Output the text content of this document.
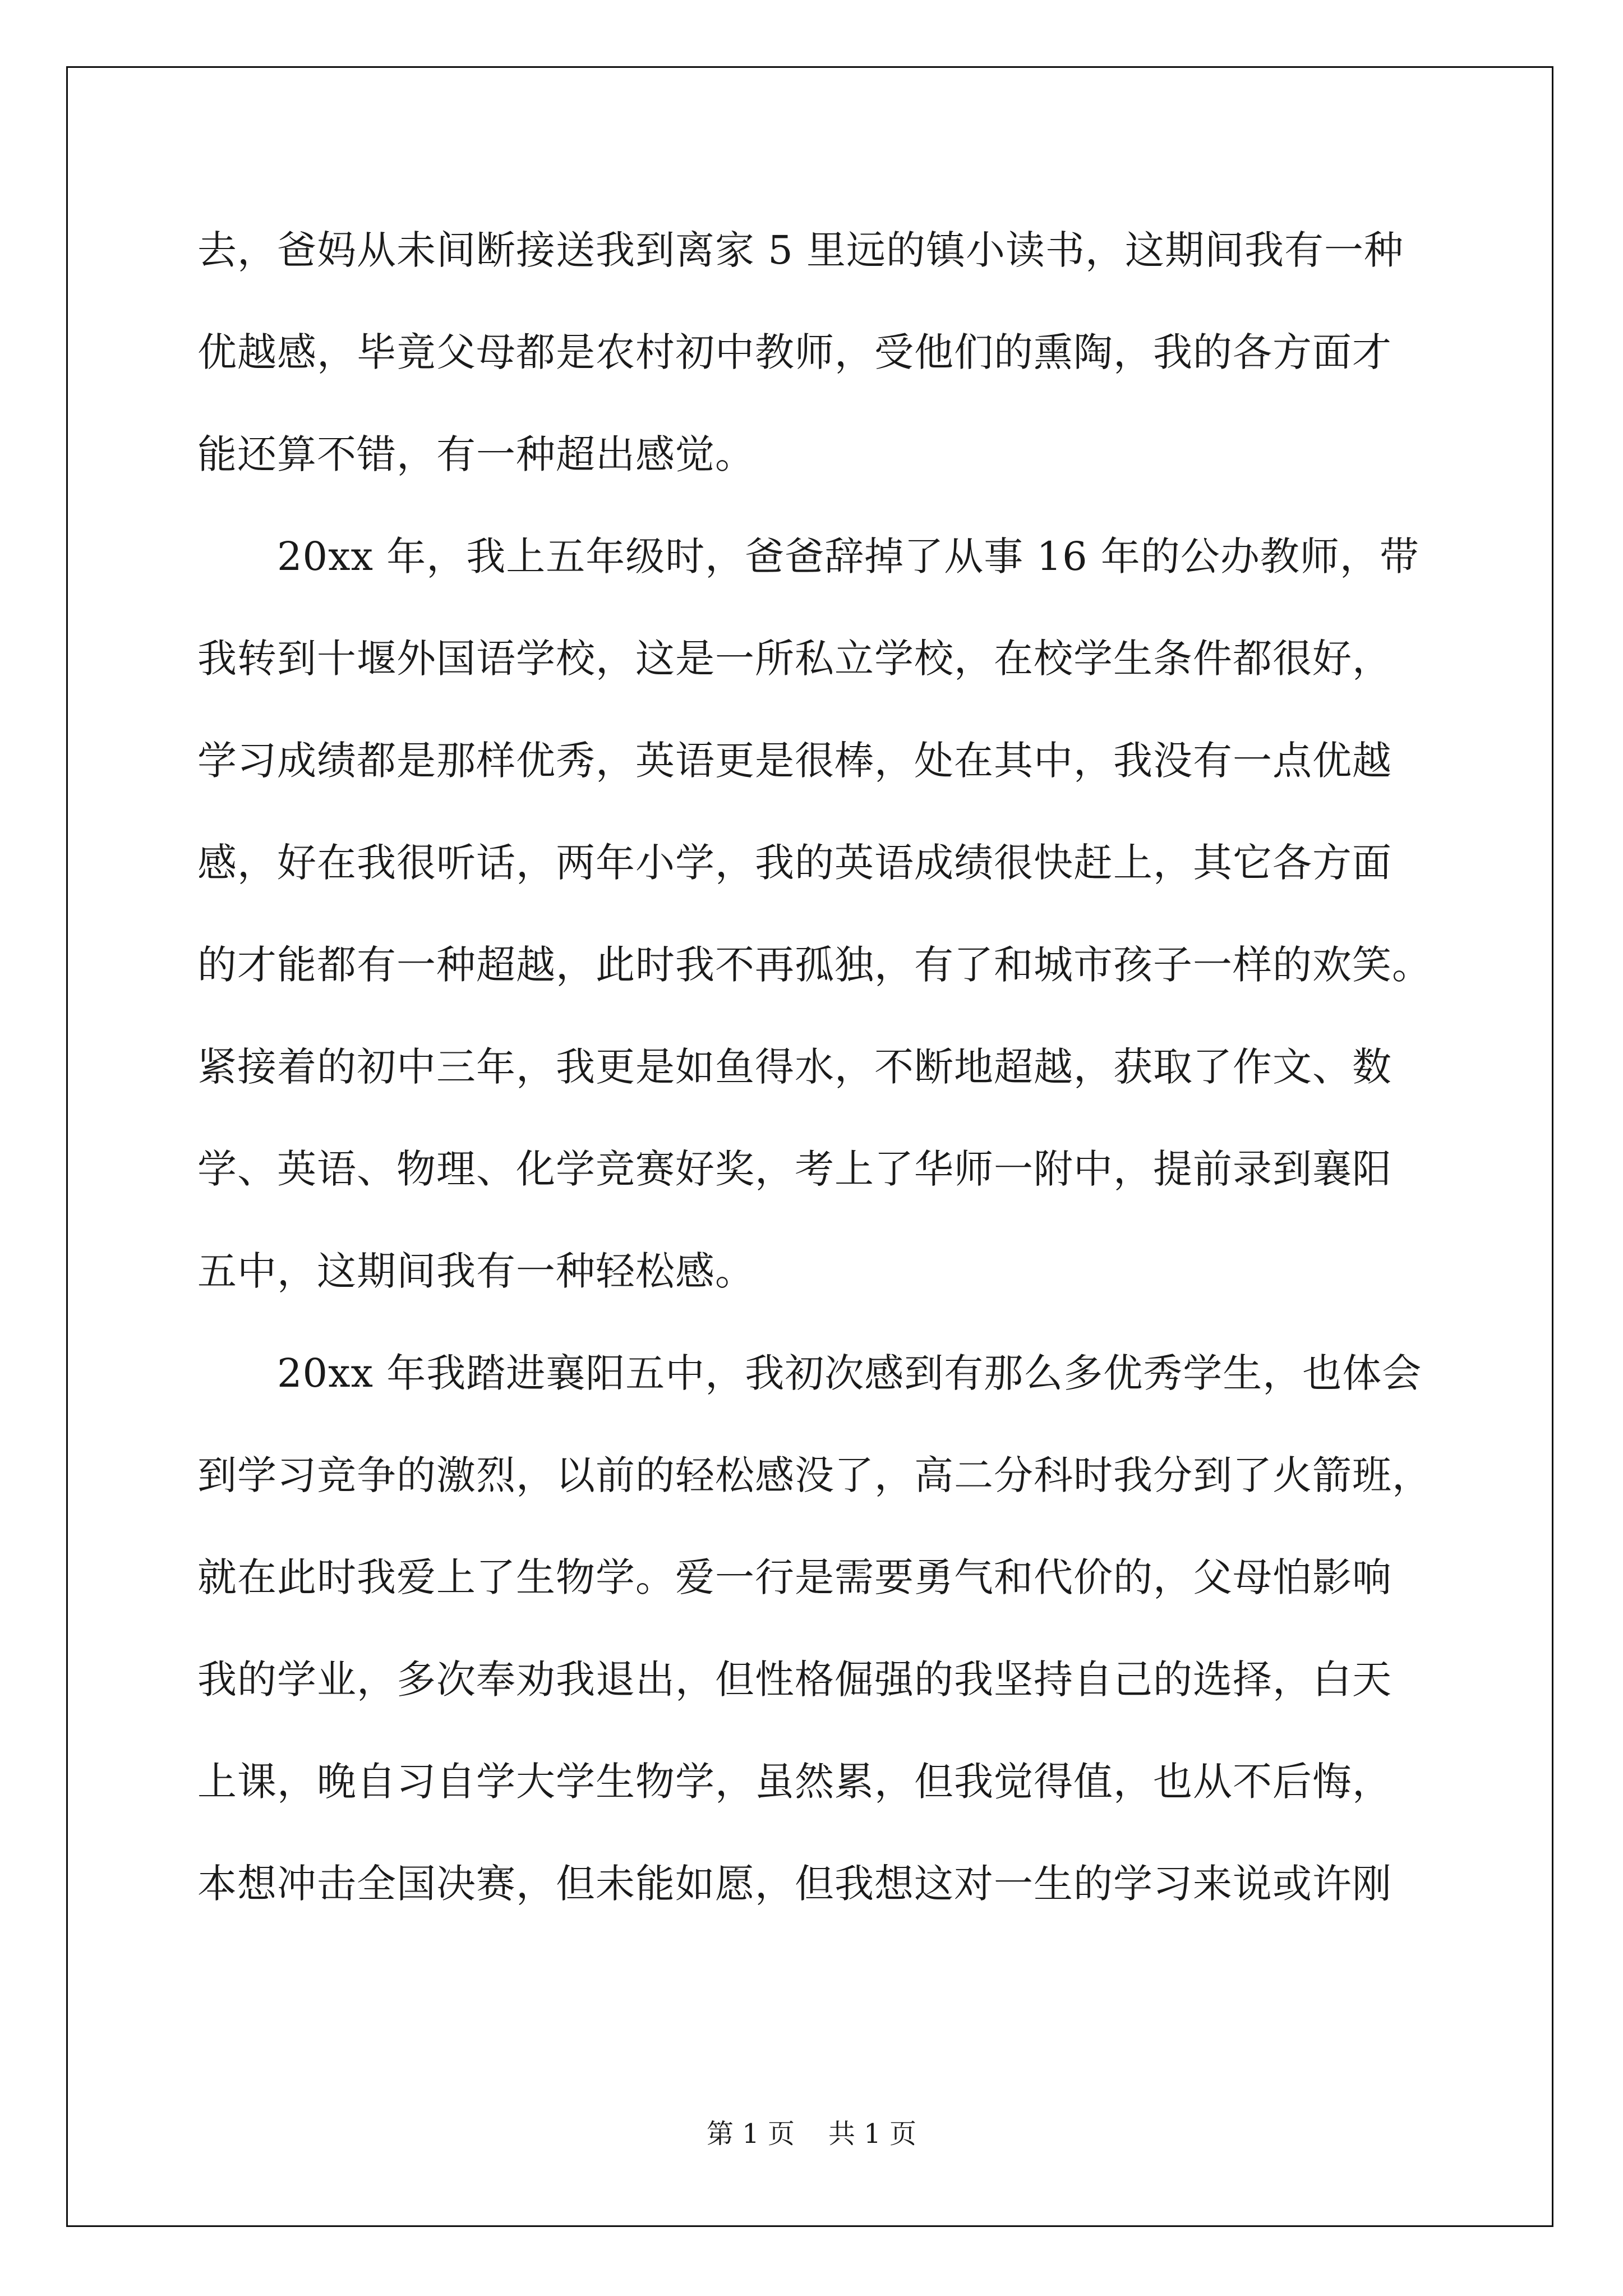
去，爸妈从未间断接送我到离家 5 里远的镇小读书，这期间我有一种
优越感，毕竟父母都是农村初中教师，受他们的熏陶，我的各方面才
能还算不错，有一种超出感觉。
　　20xx 年，我上五年级时，爸爸辞掉了从事 16 年的公办教师，带
我转到十堰外国语学校，这是一所私立学校，在校学生条件都很好，
学习成绩都是那样优秀，英语更是很棒，处在其中，我没有一点优越
感，好在我很听话，两年小学，我的英语成绩很快赶上，其它各方面
的才能都有一种超越，此时我不再孤独，有了和城市孩子一样的欢笑。
紧接着的初中三年，我更是如鱼得水，不断地超越，获取了作文、数
学、英语、物理、化学竞赛好奖，考上了华师一附中，提前录到襄阳
五中，这期间我有一种轻松感。
　　20xx 年我踏进襄阳五中，我初次感到有那么多优秀学生，也体会
到学习竞争的激烈，以前的轻松感没了，高二分科时我分到了火箭班，
就在此时我爱上了生物学。爱一行是需要勇气和代价的，父母怕影响
我的学业，多次奉劝我退出，但性格倔强的我坚持自己的选择，白天
上课，晚自习自学大学生物学，虽然累，但我觉得值，也从不后悔，
本想冲击全国决赛，但未能如愿，但我想这对一生的学习来说或许刚
第 1 页 共 1 页
